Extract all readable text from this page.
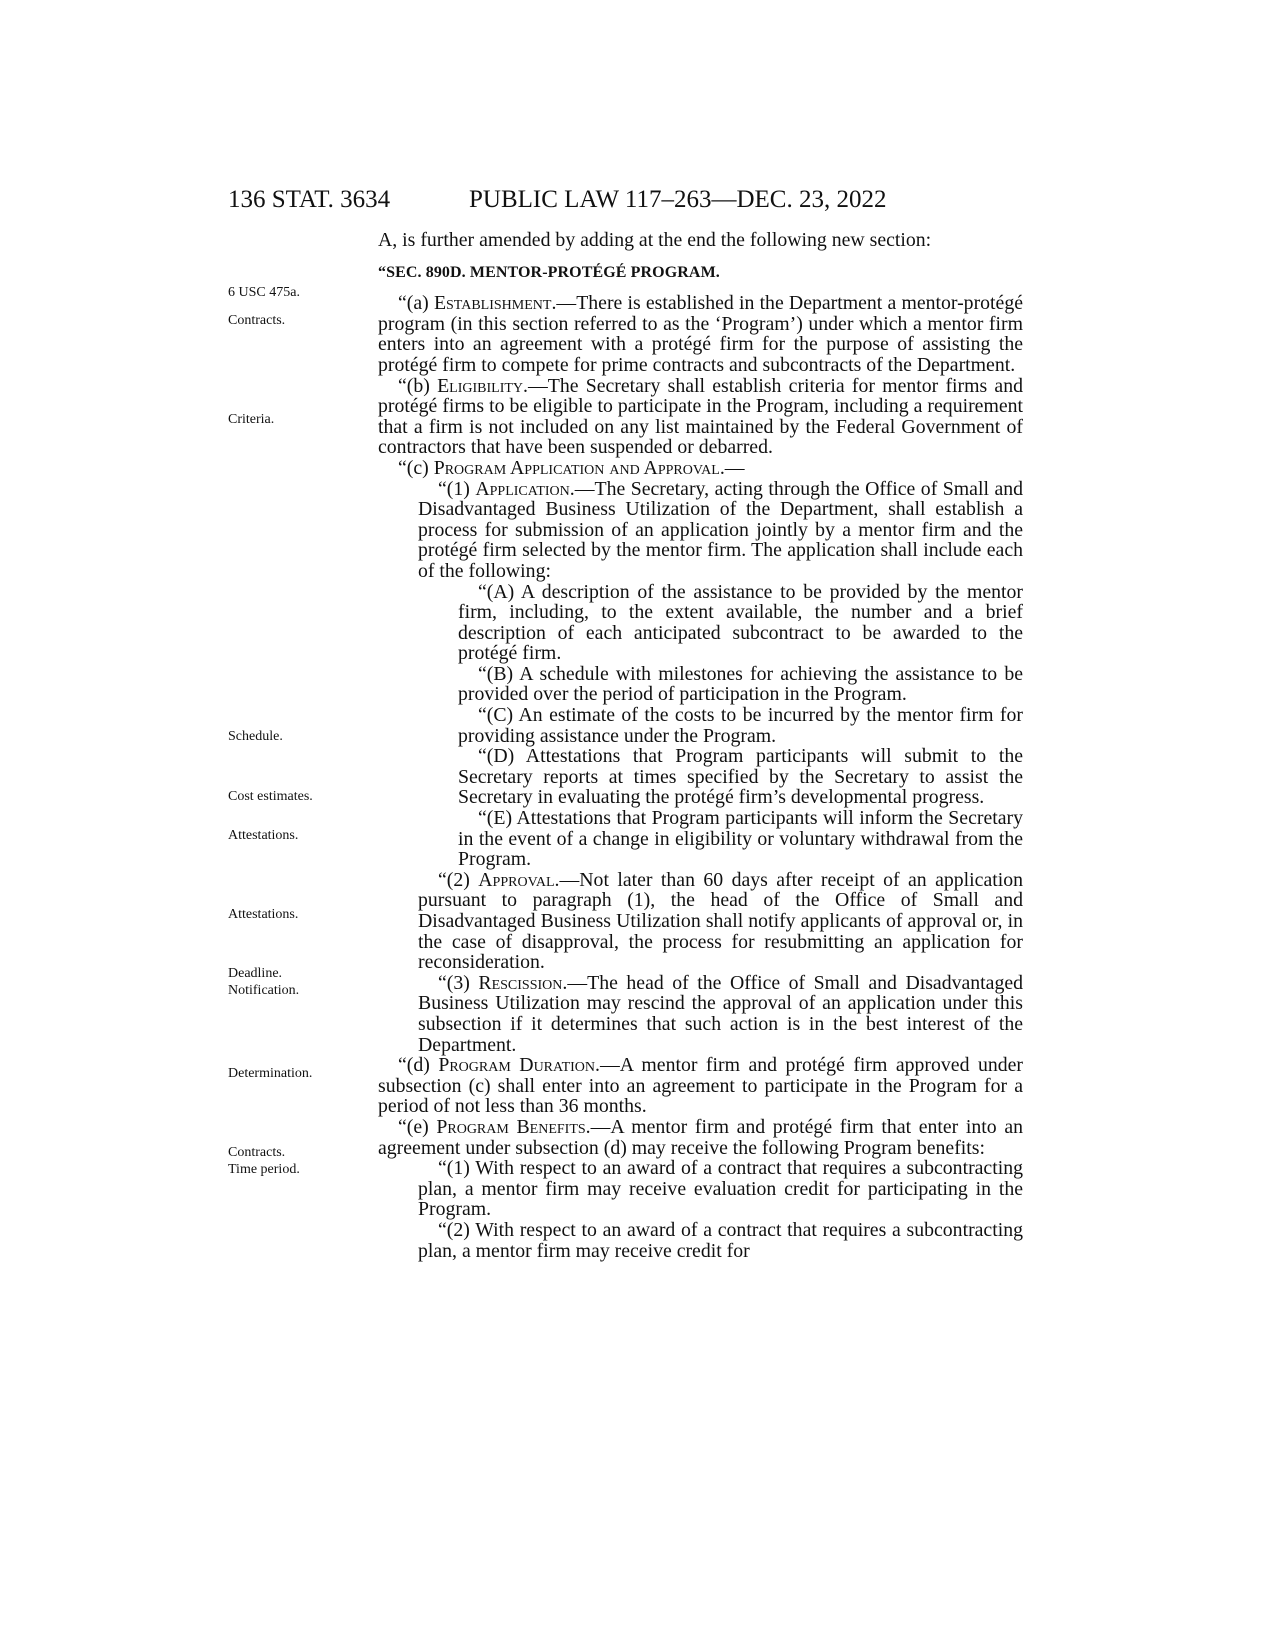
136 STAT. 3634	PUBLIC LAW 117–263—DEC. 23, 2022
6 USC 475a.
Contracts.
Criteria.
Schedule.
Cost estimates.
Attestations.
Attestations.
Deadline.
Notification.
Determination.
Contracts.
Time period.

A, is further amended by adding at the end the following new section:

“SEC. 890D. MENTOR-PROTÉGÉ PROGRAM.

“(a) Establishment.—There is established in the Department a mentor-protégé program (in this section referred to as the ‘Program’) under which a mentor firm enters into an agreement with a protégé firm for the purpose of assisting the protégé firm to compete for prime contracts and subcontracts of the Department.

“(b) Eligibility.—The Secretary shall establish criteria for mentor firms and protégé firms to be eligible to participate in the Program, including a requirement that a firm is not included on any list maintained by the Federal Government of contractors that have been suspended or debarred.

“(c) Program Application and Approval.—

“(1) Application.—The Secretary, acting through the Office of Small and Disadvantaged Business Utilization of the Department, shall establish a process for submission of an application jointly by a mentor firm and the protégé firm selected by the mentor firm. The application shall include each of the following:

“(A) A description of the assistance to be provided by the mentor firm, including, to the extent available, the number and a brief description of each anticipated subcontract to be awarded to the protégé firm.

“(B) A schedule with milestones for achieving the assistance to be provided over the period of participation in the Program.

“(C) An estimate of the costs to be incurred by the mentor firm for providing assistance under the Program.

“(D) Attestations that Program participants will submit to the Secretary reports at times specified by the Secretary to assist the Secretary in evaluating the protégé firm’s developmental progress.

“(E) Attestations that Program participants will inform the Secretary in the event of a change in eligibility or voluntary withdrawal from the Program.

“(2) Approval.—Not later than 60 days after receipt of an application pursuant to paragraph (1), the head of the Office of Small and Disadvantaged Business Utilization shall notify applicants of approval or, in the case of disapproval, the process for resubmitting an application for reconsideration.

“(3) Rescission.—The head of the Office of Small and Disadvantaged Business Utilization may rescind the approval of an application under this subsection if it determines that such action is in the best interest of the Department.

“(d) Program Duration.—A mentor firm and protégé firm approved under subsection (c) shall enter into an agreement to participate in the Program for a period of not less than 36 months.

“(e) Program Benefits.—A mentor firm and protégé firm that enter into an agreement under subsection (d) may receive the following Program benefits:

“(1) With respect to an award of a contract that requires a subcontracting plan, a mentor firm may receive evaluation credit for participating in the Program.

“(2) With respect to an award of a contract that requires a subcontracting plan, a mentor firm may receive credit for
